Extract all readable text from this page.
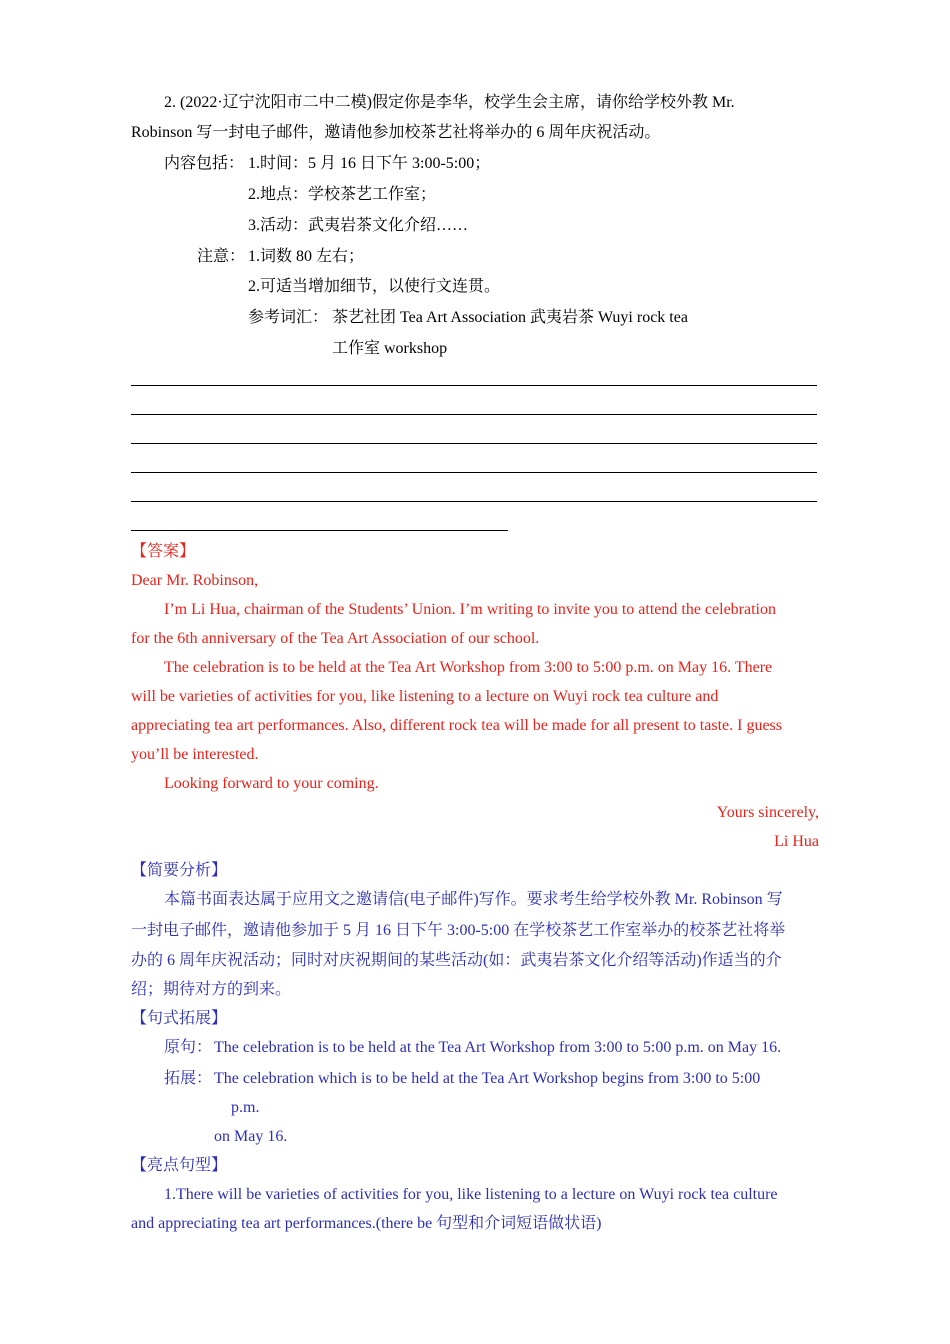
2. (2022·辽宁沈阳市二中二模)假定你是李华，校学生会主席，请你给学校外教 Mr.
Robinson 写一封电子邮件，邀请他参加校茶艺社将举办的 6 周年庆祝活动。
内容包括： 1.时间：5 月 16 日下午 3:00-5:00；
2.地点：学校茶艺工作室；
3.活动：武夷岩茶文化介绍……
注意： 1.词数 80 左右；
2.可适当增加细节，以使行文连贯。
参考词汇： 茶艺社团 Tea Art Association 武夷岩茶 Wuyi rock tea
工作室 workshop
【答案】
Dear Mr. Robinson,
I’m Li Hua, chairman of the Students’ Union. I’m writing to invite you to attend the celebration
for the 6th anniversary of the Tea Art Association of our school.
The celebration is to be held at the Tea Art Workshop from 3:00 to 5:00 p.m. on May 16. There
will be varieties of activities for you, like listening to a lecture on Wuyi rock tea culture and
appreciating tea art performances. Also, different rock tea will be made for all present to taste. I guess
you’ll be interested.
Looking forward to your coming.
Yours sincerely,
Li Hua
【简要分析】
本篇书面表达属于应用文之邀请信(电子邮件)写作。要求考生给学校外教 Mr. Robinson 写
一封电子邮件，邀请他参加于 5 月 16 日下午 3:00-5:00 在学校茶艺工作室举办的校茶艺社将举
办的 6 周年庆祝活动；同时对庆祝期间的某些活动(如：武夷岩茶文化介绍等活动)作适当的介
绍；期待对方的到来。
【句式拓展】
原句： The celebration is to be held at the Tea Art Workshop from 3:00 to 5:00 p.m. on May 16.
拓展： The celebration which is to be held at the Tea Art Workshop begins from 3:00 to 5:00
p.m.
on May 16.
【亮点句型】
1.There will be varieties of activities for you, like listening to a lecture on Wuyi rock tea culture
and appreciating tea art performances.(there be 句型和介词短语做状语)
